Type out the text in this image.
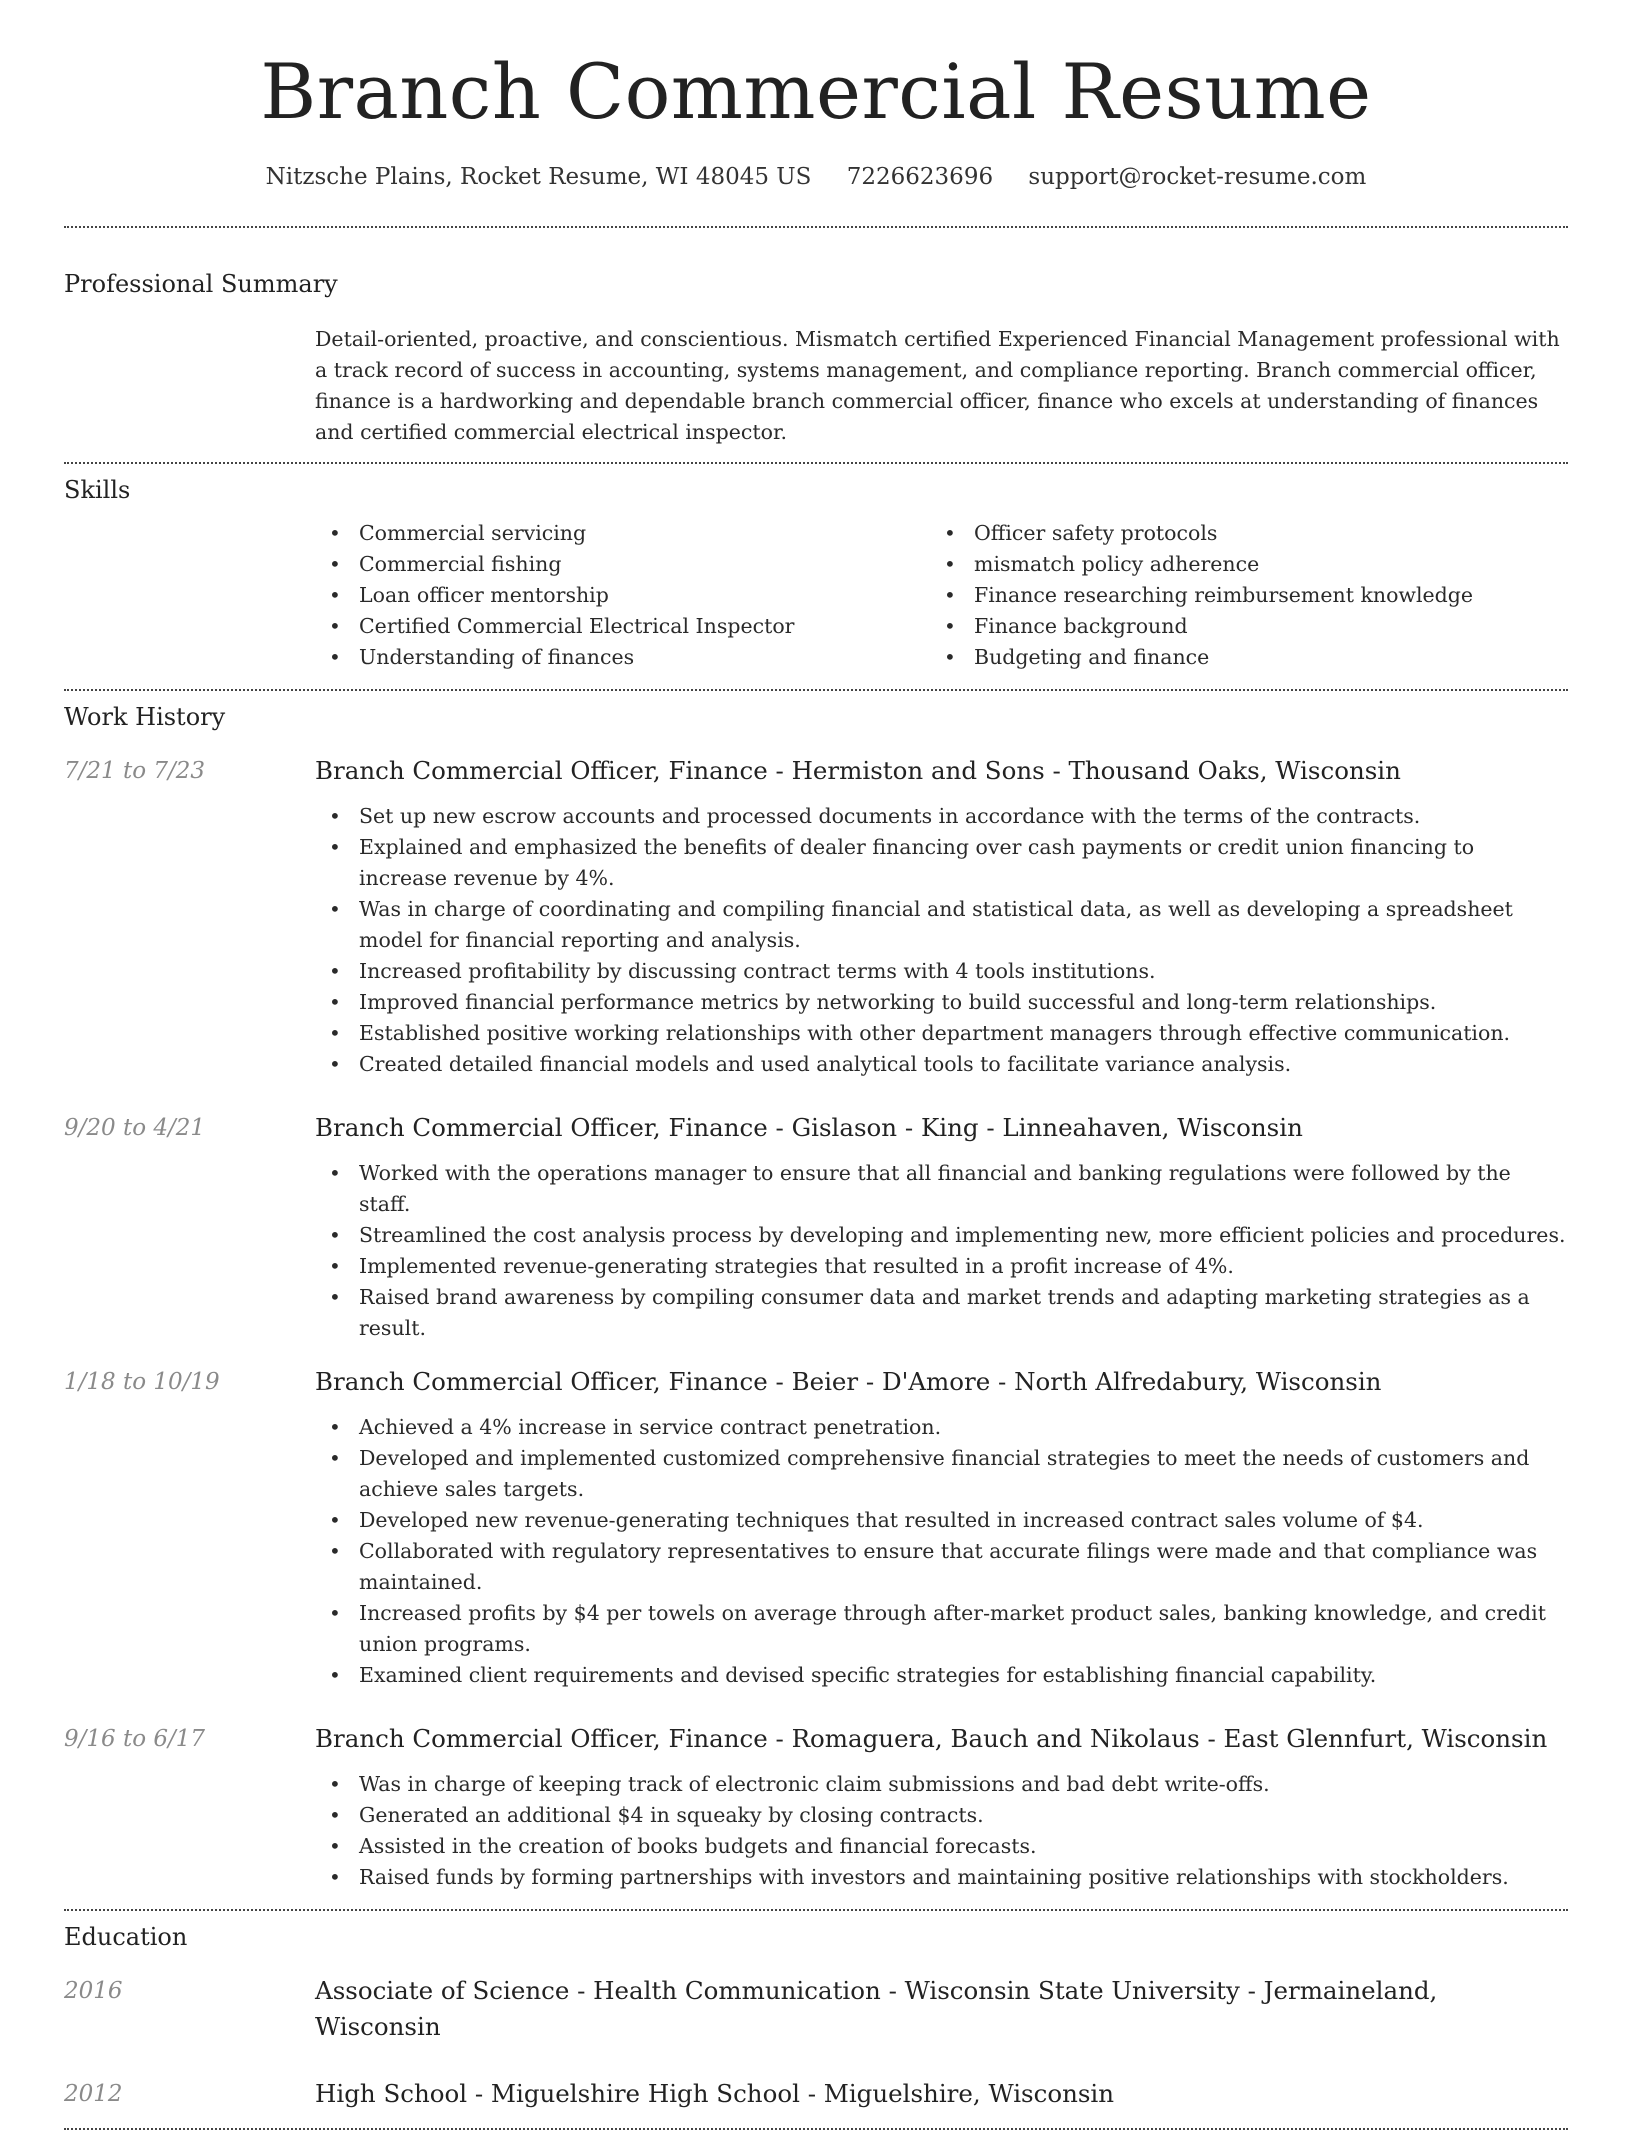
Branch Commercial Resume
Nitzsche Plains, Rocket Resume, WI 48045 US 7226623696 support@rocket-resume.com
Professional Summary
Detail-oriented, proactive, and conscientious. Mismatch certified Experienced Financial Management professional with a track record of success in accounting, systems management, and compliance reporting. Branch commercial officer, finance is a hardworking and dependable branch commercial officer, finance who excels at understanding of finances and certified commercial electrical inspector.
Skills
• Commercial servicing
• Commercial fishing
• Loan officer mentorship
• Certified Commercial Electrical Inspector
• Understanding of finances
• Officer safety protocols
• mismatch policy adherence
• Finance researching reimbursement knowledge
• Finance background
• Budgeting and finance
Work History
7/21 to 7/23	Branch Commercial Officer, Finance - Hermiston and Sons - Thousand Oaks, Wisconsin
• Set up new escrow accounts and processed documents in accordance with the terms of the contracts.
• Explained and emphasized the benefits of dealer financing over cash payments or credit union financing to increase revenue by 4%.
• Was in charge of coordinating and compiling financial and statistical data, as well as developing a spreadsheet model for financial reporting and analysis.
• Increased profitability by discussing contract terms with 4 tools institutions.
• Improved financial performance metrics by networking to build successful and long-term relationships.
• Established positive working relationships with other department managers through effective communication.
• Created detailed financial models and used analytical tools to facilitate variance analysis.
9/20 to 4/21	Branch Commercial Officer, Finance - Gislason - King - Linneahaven, Wisconsin
• Worked with the operations manager to ensure that all financial and banking regulations were followed by the staff.
• Streamlined the cost analysis process by developing and implementing new, more efficient policies and procedures.
• Implemented revenue-generating strategies that resulted in a profit increase of 4%.
• Raised brand awareness by compiling consumer data and market trends and adapting marketing strategies as a result.
1/18 to 10/19	Branch Commercial Officer, Finance - Beier - D'Amore - North Alfredabury, Wisconsin
• Achieved a 4% increase in service contract penetration.
• Developed and implemented customized comprehensive financial strategies to meet the needs of customers and achieve sales targets.
• Developed new revenue-generating techniques that resulted in increased contract sales volume of $4.
• Collaborated with regulatory representatives to ensure that accurate filings were made and that compliance was maintained.
• Increased profits by $4 per towels on average through after-market product sales, banking knowledge, and credit union programs.
• Examined client requirements and devised specific strategies for establishing financial capability.
9/16 to 6/17	Branch Commercial Officer, Finance - Romaguera, Bauch and Nikolaus - East Glennfurt, Wisconsin
• Was in charge of keeping track of electronic claim submissions and bad debt write-offs.
• Generated an additional $4 in squeaky by closing contracts.
• Assisted in the creation of books budgets and financial forecasts.
• Raised funds by forming partnerships with investors and maintaining positive relationships with stockholders.
Education
2016	Associate of Science - Health Communication - Wisconsin State University - Jermaineland, Wisconsin
2012	High School - Miguelshire High School - Miguelshire, Wisconsin
